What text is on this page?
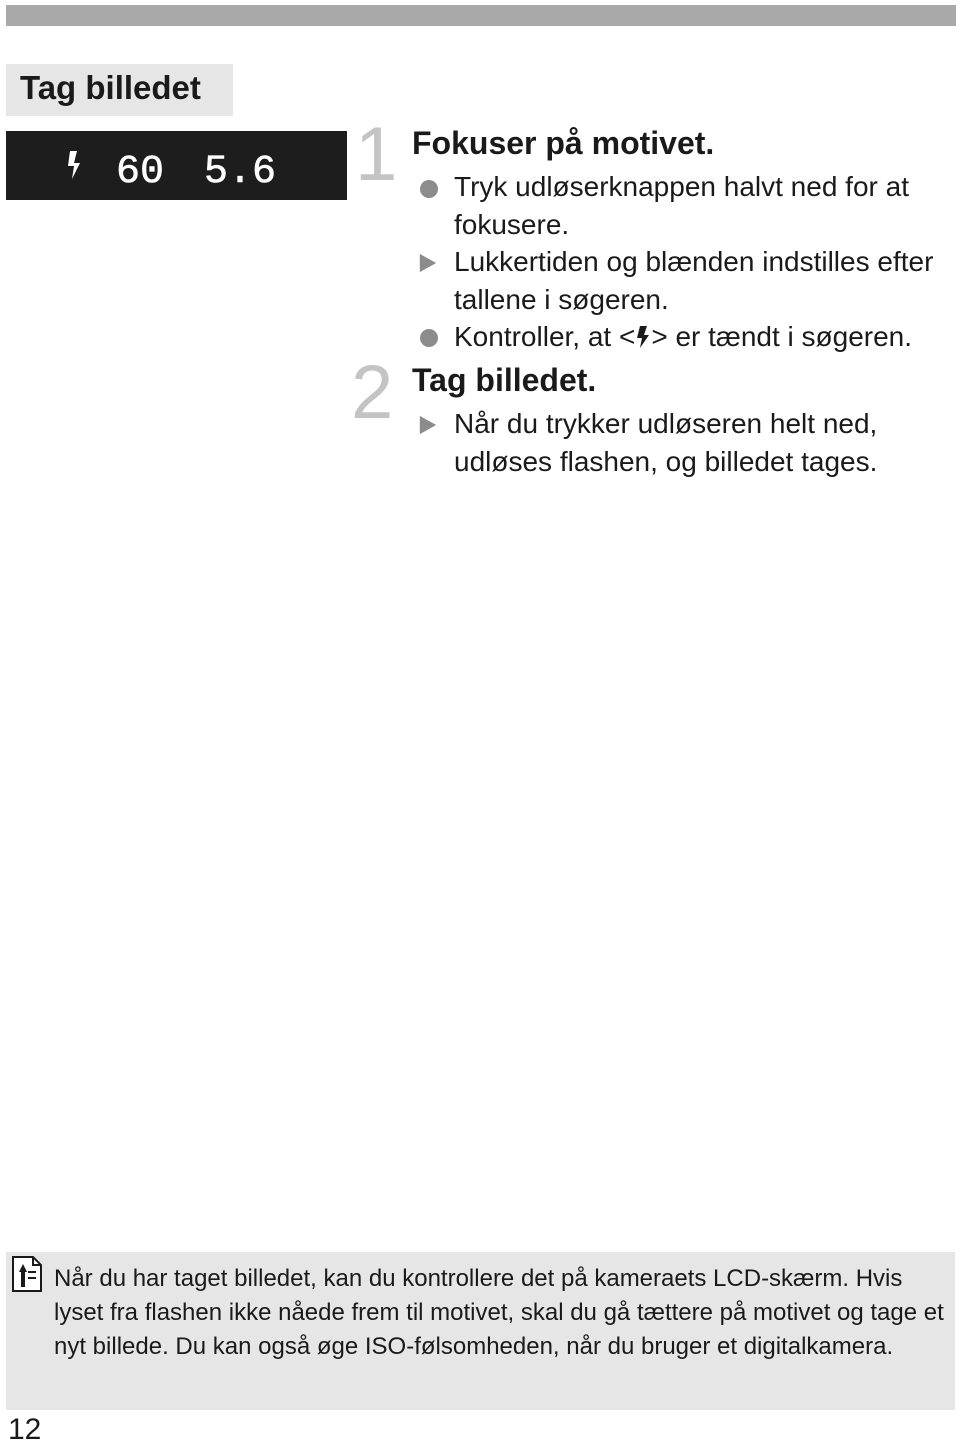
Tag billedet
60 5.6 1 Fokuser på motivet.
Tryk udløserknappen halvt ned for at fokusere.
Lukkertiden og blænden indstilles efter tallene i søgeren.
Kontroller, at < > er tændt i søgeren.
2 Tag billedet.
Når du trykker udløseren helt ned, udløses flashen, og billedet tages.
Når du har taget billedet, kan du kontrollere det på kameraets LCD-skærm. Hvis lyset fra flashen ikke nåede frem til motivet, skal du gå tættere på motivet og tage et nyt billede. Du kan også øge ISO-følsomheden, når du bruger et digitalkamera.
12
